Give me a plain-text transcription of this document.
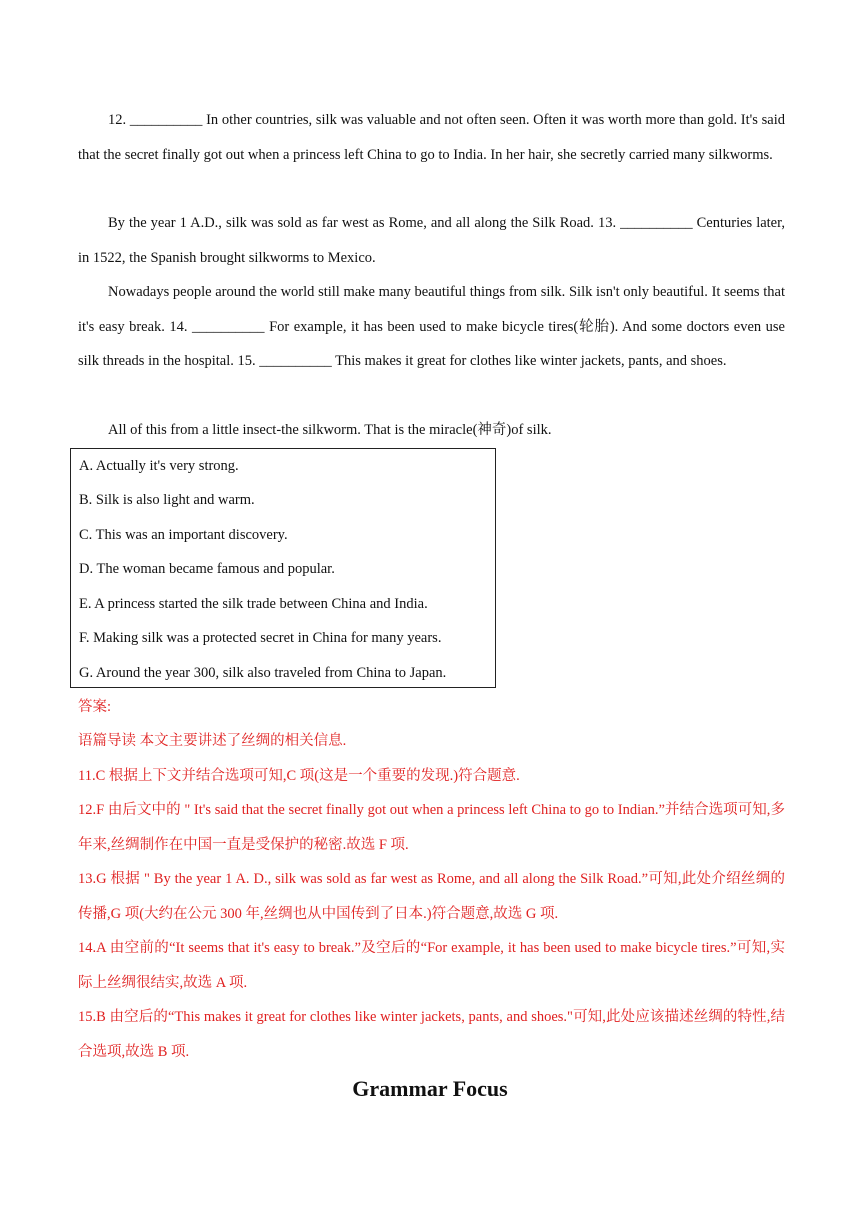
12. __________ In other countries, silk was valuable and not often seen. Often it was worth more than gold. It's said that the secret finally got out when a princess left China to go to India. In her hair, she secretly carried many silkworms.

By the year 1 A.D., silk was sold as far west as Rome, and all along the Silk Road. 13. __________ Centuries later, in 1522, the Spanish brought silkworms to Mexico.

Nowadays people around the world still make many beautiful things from silk. Silk isn't only beautiful. It seems that it's easy break. 14. __________ For example, it has been used to make bicycle tires(轮胎). And some doctors even use silk threads in the hospital. 15. __________ This makes it great for clothes like winter jackets, pants, and shoes.

All of this from a little insect-the silkworm. That is the miracle(神奇)of silk.

A. Actually it's very strong.

B. Silk is also light and warm.

C. This was an important discovery.

D. The woman became famous and popular.

E. A princess started the silk trade between China and India.

F. Making silk was a protected secret in China for many years.

G. Around the year 300, silk also traveled from China to Japan.

答案:

语篇导读 本文主要讲述了丝绸的相关信息.

11.C 根据上下文并结合选项可知,C 项(这是一个重要的发现.)符合题意.

12.F 由后文中的 " It's said that the secret finally got out when a princess left China to go to Indian.”并结合选项可知,多年来,丝绸制作在中国一直是受保护的秘密.故选 F 项.

13.G 根据 " By the year 1 A. D., silk was sold as far west as Rome, and all along the Silk Road.”可知,此处介绍丝绸的传播,G 项(大约在公元 300 年,丝绸也从中国传到了日本.)符合题意,故选 G 项.

14.A 由空前的“It seems that it's easy to break.”及空后的“For example, it has been used to make bicycle tires.”可知,实际上丝绸很结实,故选 A 项.

15.B 由空后的“This makes it great for clothes like winter jackets, pants, and shoes."可知,此处应该描述丝绸的特性,结合选项,故选 B 项.

Grammar Focus
